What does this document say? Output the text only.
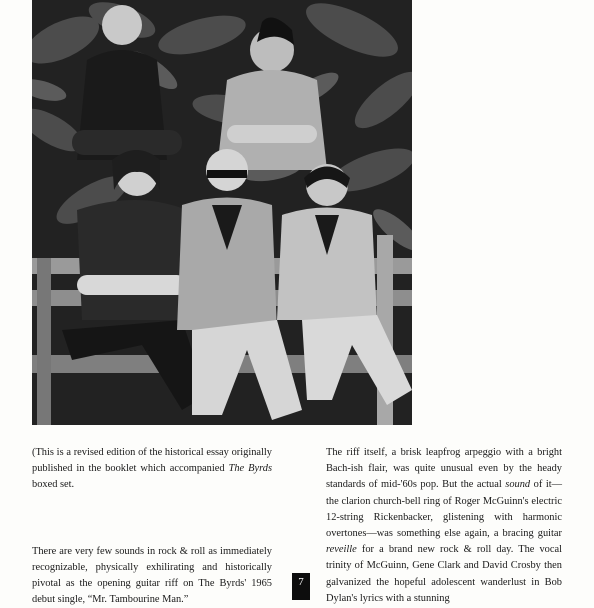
(This is a revised edition of the historical essay originally published in the booklet which accompanied The Byrds boxed set.

There are very few sounds in rock & roll as immediately recognizable, physically exhilirating and historically pivotal as the opening guitar riff on The Byrds' 1965 debut single, “Mr. Tambourine Man.”

The riff itself, a brisk leapfrog arpeggio with a bright Bach-ish flair, was quite unusual even by the heady standards of mid-'60s pop. But the actual sound of it—the clarion church-bell ring of Roger McGuinn's electric 12-string Rickenbacker, glistening with harmonic overtones—was something else again, a bracing guitar reveille for a brand new rock & roll day. The vocal trinity of McGuinn, Gene Clark and David Crosby then galvanized the hopeful adolescent wanderlust in Bob Dylan's lyrics with a stunning

7
